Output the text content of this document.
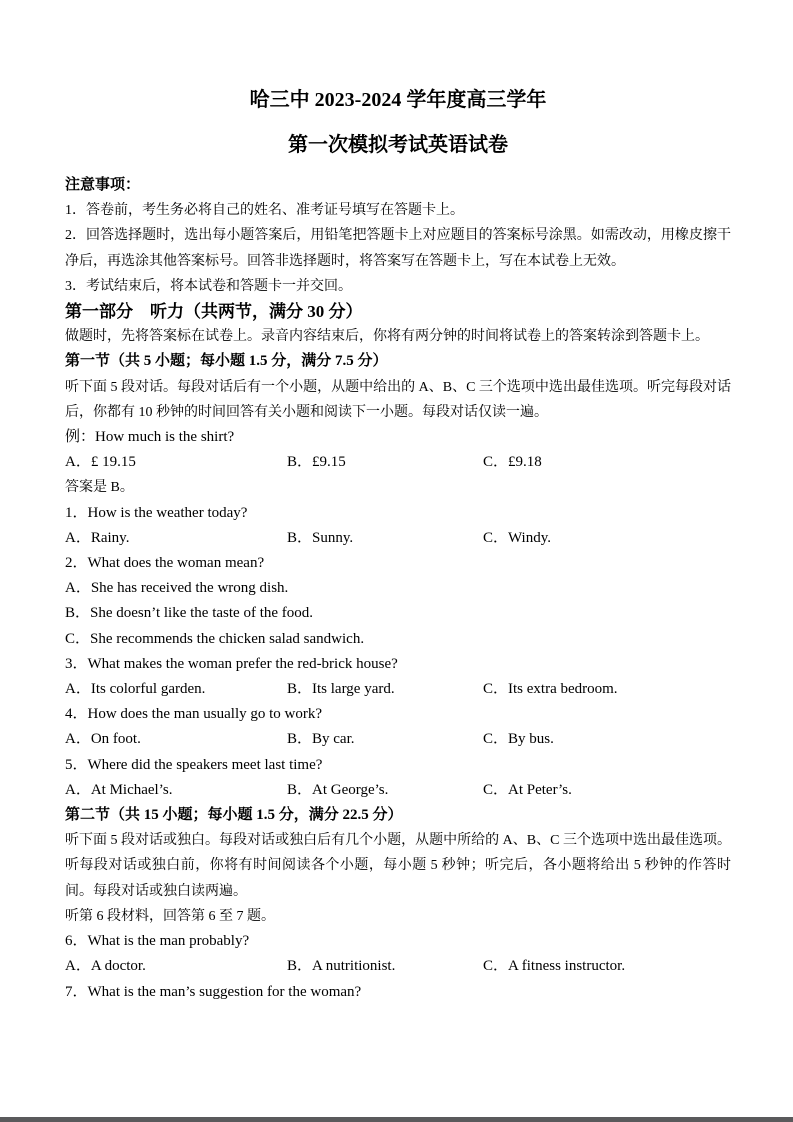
哈三中 2023-2024 学年度高三学年
第一次模拟考试英语试卷
注意事项：
1．答卷前，考生务必将自己的姓名、准考证号填写在答题卡上。
2．回答选择题时，选出每小题答案后，用铅笔把答题卡上对应题目的答案标号涂黑。如需改动，用橡皮擦干净后，再选涂其他答案标号。回答非选择题时，将答案写在答题卡上，写在本试卷上无效。
3．考试结束后，将本试卷和答题卡一并交回。
第一部分　听力（共两节，满分 30 分）
做题时，先将答案标在试卷上。录音内容结束后，你将有两分钟的时间将试卷上的答案转涂到答题卡上。
第一节（共 5 小题；每小题 1.5 分，满分 7.5 分）
听下面 5 段对话。每段对话后有一个小题，从题中给出的 A、B、C 三个选项中选出最佳选项。听完每段对话后，你都有 10 秒钟的时间回答有关小题和阅读下一小题。每段对话仅读一遍。
例：How much is the shirt?
A．£ 19.15	B．£9.15	C．£9.18
答案是 B。
1．How is the weather today?
A．Rainy.	B．Sunny.	C．Windy.
2．What does the woman mean?
A．She has received the wrong dish.
B．She doesn’t like the taste of the food.
C．She recommends the chicken salad sandwich.
3．What makes the woman prefer the red-brick house?
A．Its colorful garden.	B．Its large yard.	C．Its extra bedroom.
4．How does the man usually go to work?
A．On foot.	B．By car.	C．By bus.
5．Where did the speakers meet last time?
A．At Michael’s.	B．At George’s.	C．At Peter’s.
第二节（共 15 小题；每小题 1.5 分，满分 22.5 分）
听下面 5 段对话或独白。每段对话或独白后有几个小题，从题中所给的 A、B、C 三个选项中选出最佳选项。听每段对话或独白前，你将有时间阅读各个小题，每小题 5 秒钟；听完后，各小题将给出 5 秒钟的作答时间。每段对话或独白读两遍。
听第 6 段材料，回答第 6 至 7 题。
6．What is the man probably?
A．A doctor.	B．A nutritionist.	C．A fitness instructor.
7．What is the man’s suggestion for the woman?
